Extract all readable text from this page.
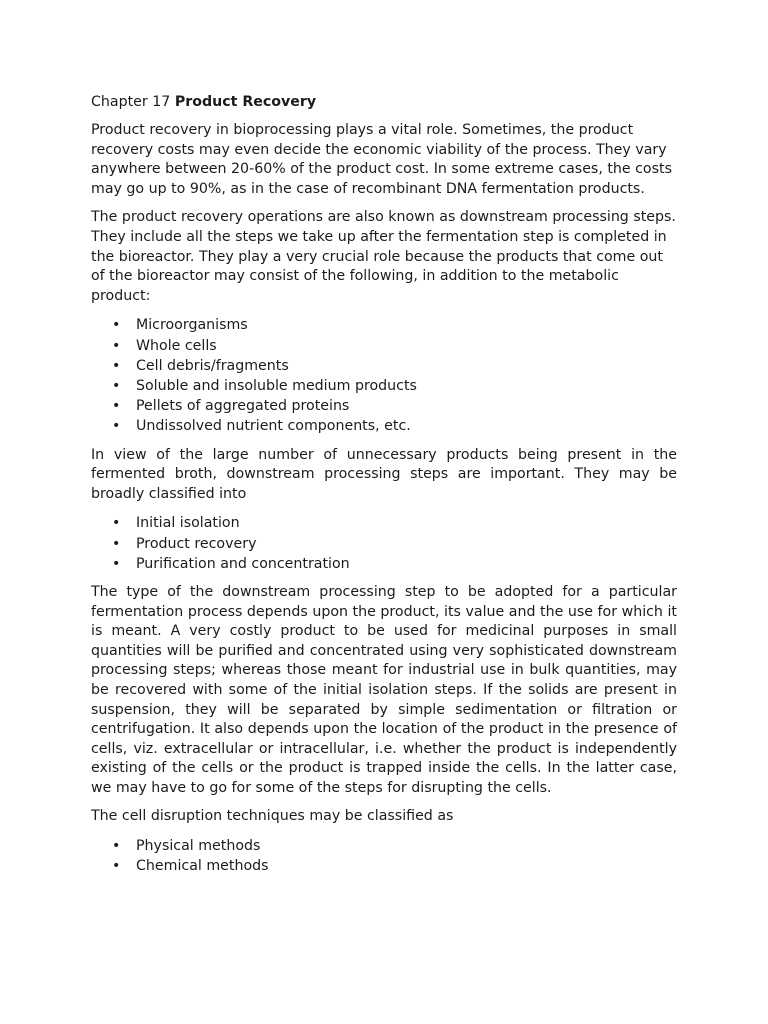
Chapter 17 Product Recovery

Product recovery in bioprocessing plays a vital role. Sometimes, the product recovery costs may even decide the economic viability of the process. They vary anywhere between 20-60% of the product cost. In some extreme cases, the costs may go up to 90%, as in the case of recombinant DNA fermentation products.

The product recovery operations are also known as downstream processing steps. They include all the steps we take up after the fermentation step is completed in the bioreactor. They play a very crucial role because the products that come out of the bioreactor may consist of the following, in addition to the metabolic product:

• Microorganisms
• Whole cells
• Cell debris/fragments
• Soluble and insoluble medium products
• Pellets of aggregated proteins
• Undissolved nutrient components, etc.

In view of the large number of unnecessary products being present in the fermented broth, downstream processing steps are important. They may be broadly classified into

• Initial isolation
• Product recovery
• Purification and concentration

The type of the downstream processing step to be adopted for a particular fermentation process depends upon the product, its value and the use for which it is meant. A very costly product to be used for medicinal purposes in small quantities will be purified and concentrated using very sophisticated downstream processing steps; whereas those meant for industrial use in bulk quantities, may be recovered with some of the initial isolation steps. If the solids are present in suspension, they will be separated by simple sedimentation or filtration or centrifugation. It also depends upon the location of the product in the presence of cells, viz. extracellular or intracellular, i.e. whether the product is independently existing of the cells or the product is trapped inside the cells. In the latter case, we may have to go for some of the steps for disrupting the cells.

The cell disruption techniques may be classified as

• Physical methods
• Chemical methods
